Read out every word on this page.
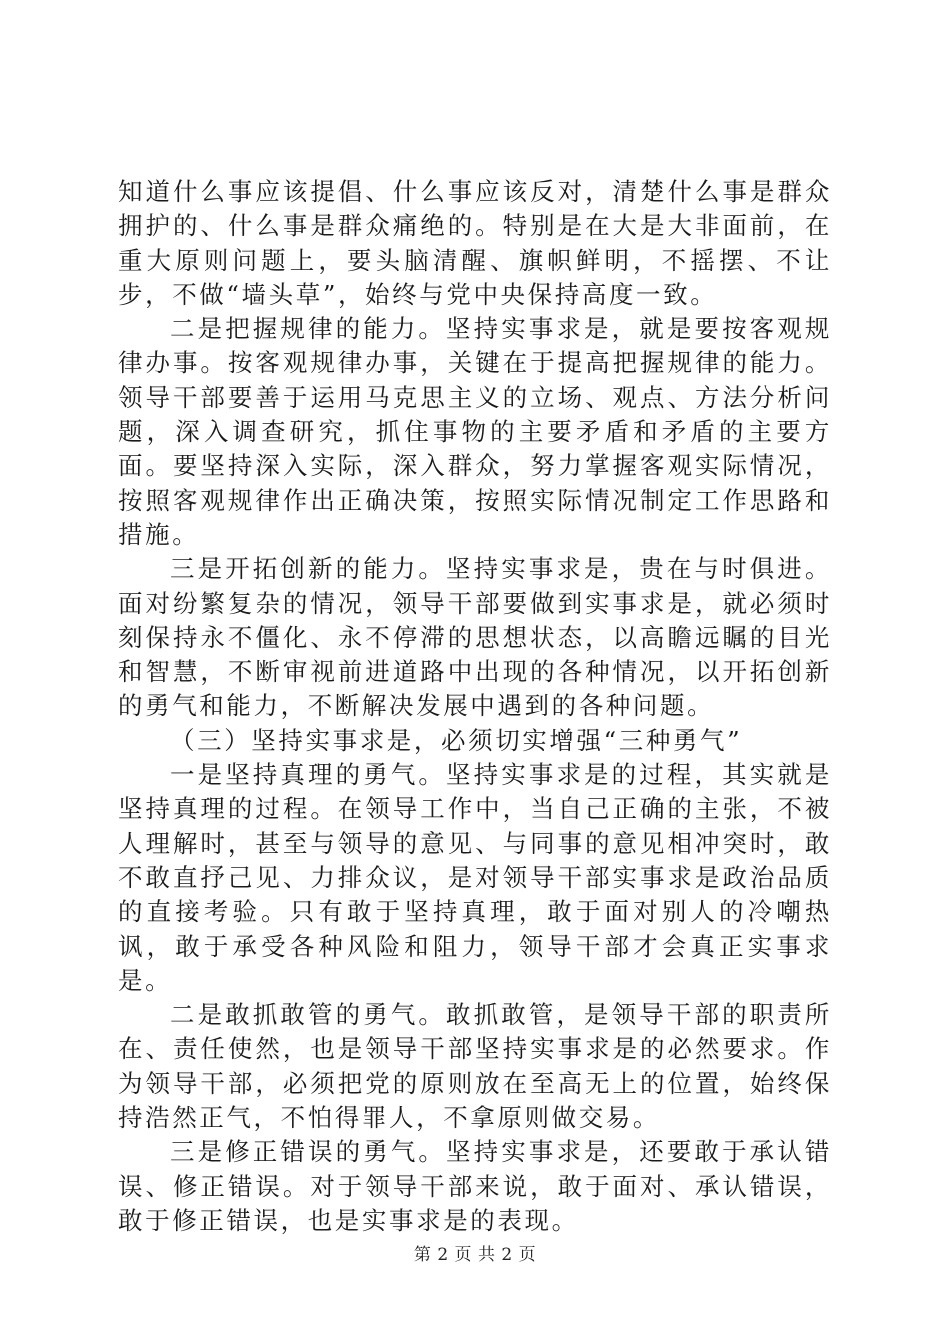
知道什么事应该提倡、什么事应该反对，清楚什么事是群众拥护的、什么事是群众痛绝的。特别是在大是大非面前，在重大原则问题上，要头脑清醒、旗帜鲜明，不摇摆、不让步，不做“墙头草”，始终与党中央保持高度一致。

二是把握规律的能力。坚持实事求是，就是要按客观规律办事。按客观规律办事，关键在于提高把握规律的能力。领导干部要善于运用马克思主义的立场、观点、方法分析问题，深入调查研究，抓住事物的主要矛盾和矛盾的主要方面。要坚持深入实际，深入群众，努力掌握客观实际情况，按照客观规律作出正确决策，按照实际情况制定工作思路和措施。

三是开拓创新的能力。坚持实事求是，贵在与时俱进。面对纷繁复杂的情况，领导干部要做到实事求是，就必须时刻保持永不僵化、永不停滞的思想状态，以高瞻远瞩的目光和智慧，不断审视前进道路中出现的各种情况，以开拓创新的勇气和能力，不断解决发展中遇到的各种问题。

（三）坚持实事求是，必须切实增强“三种勇气”

一是坚持真理的勇气。坚持实事求是的过程，其实就是坚持真理的过程。在领导工作中，当自己正确的主张，不被人理解时，甚至与领导的意见、与同事的意见相冲突时，敢不敢直抒己见、力排众议，是对领导干部实事求是政治品质的直接考验。只有敢于坚持真理，敢于面对别人的冷嘲热讽，敢于承受各种风险和阻力，领导干部才会真正实事求是。

二是敢抓敢管的勇气。敢抓敢管，是领导干部的职责所在、责任使然，也是领导干部坚持实事求是的必然要求。作为领导干部，必须把党的原则放在至高无上的位置，始终保持浩然正气，不怕得罪人，不拿原则做交易。

三是修正错误的勇气。坚持实事求是，还要敢于承认错误、修正错误。对于领导干部来说，敢于面对、承认错误，敢于修正错误，也是实事求是的表现。

第 2 页 共 2 页
